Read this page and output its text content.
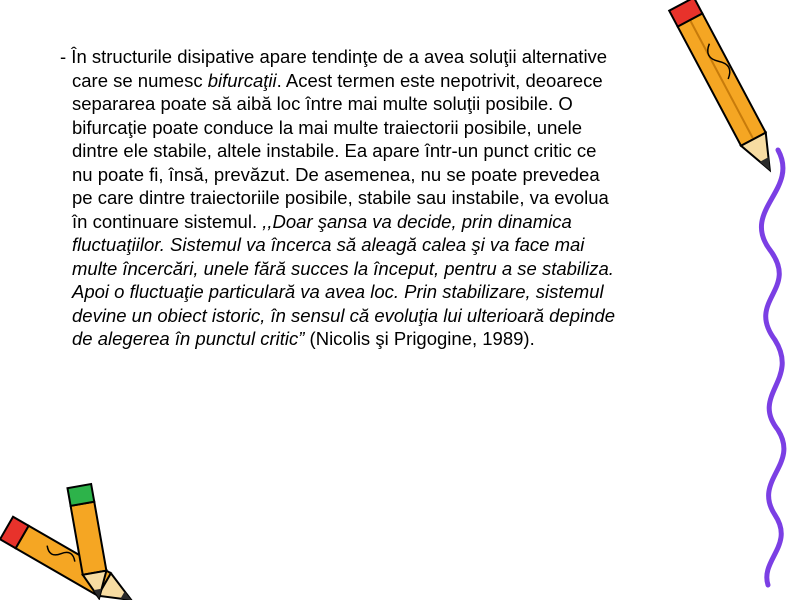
- În structurile disipative apare tendinţe de a avea soluţii alternative
care se numesc bifurcaţii. Acest termen este nepotrivit, deoarece
separarea poate să aibă loc între mai multe soluţii posibile. O
bifurcaţie poate conduce la mai multe traiectorii posibile, unele
dintre ele stabile, altele instabile. Ea apare într-un punct critic ce
nu poate fi, însă, prevăzut. De asemenea, nu se poate prevedea
pe care dintre traiectoriile posibile, stabile sau instabile, va evolua
în continuare sistemul. ,,Doar şansa va decide, prin dinamica
fluctuaţiilor. Sistemul va încerca să aleagă calea şi va face mai
multe încercări, unele fără succes la început, pentru a se stabiliza.
Apoi o fluctuaţie particulară va avea loc. Prin stabilizare, sistemul
devine un obiect istoric, în sensul că evoluţia lui ulterioară depinde
de alegerea în punctul critic” (Nicolis şi Prigogine, 1989).
